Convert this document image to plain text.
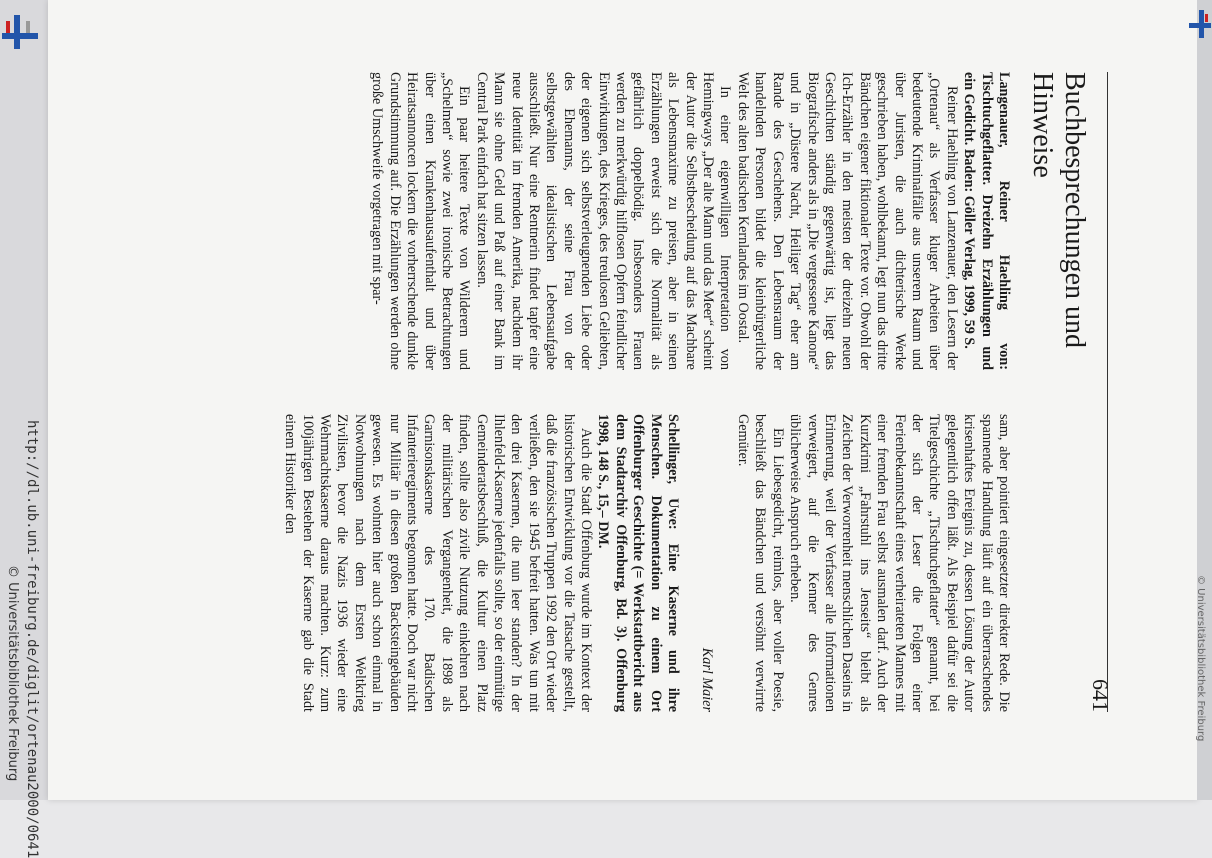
http://dl.ub.uni-freiburg.de/diglit/ortenau2000/0641
© Universitätsbibliothek Freiburg	© Universitätsbibliothek Freiburg
641
Buchbesprechungen und
Hinweise

Langenauer, Reiner Haehling von: Tischtuchgeflatter. Dreizehn Erzählungen und ein Gedicht. Baden: Göller Verlag, 1999, 59 S.

Reiner Haehling von Lanzenauer, den Lesern der „Ortenau“ als Verfasser kluger Arbeiten über bedeutende Kriminalfälle aus unserem Raum und über Juristen, die auch dichterische Werke geschrieben haben, wohlbekannt, legt nun das dritte Bändchen eigener fiktionaler Texte vor. Obwohl der Ich-Erzähler in den meisten der dreizehn neuen Geschichten ständig gegenwärtig ist, liegt das Biografische anders als in „Die vergessene Kanone“ und in „Düstere Nacht, Heiliger Tag“ eher am Rande des Geschehens. Den Lebensraum der handelnden Personen bildet die kleinbürgerliche Welt des alten badischen Kernlandes im Oostal.

In einer eigenwilligen Interpretation von Hemingways „Der alte Mann und das Meer“ scheint der Autor die Selbstbescheidung auf das Machbare als Lebensmaxime zu preisen, aber in seinen Erzählungen erweist sich die Normalität als gefährlich doppelbödig. Insbesonders Frauen werden zu merkwürdig hilflosen Opfern feindlicher Einwirkungen, des Krieges, des treulosen Geliebten, der eigenen sich selbstverleugnenden Liebe oder des Ehemanns, der seine Frau von der selbstgewählten idealistischen Lebensaufgabe ausschließt. Nur eine Rentnerin findet tapfer eine neue Identität im fremden Amerika, nachdem ihr Mann sie ohne Geld und Paß auf einer Bank im Central Park einfach hat sitzen lassen.

Ein paar heitere Texte von Wilderern und „Schelmen“ sowie zwei ironische Betrachtungen über einen Krankenhausaufenthalt und über Heiratsannoncen lockern die vorherrschende dunkle Grundstimmung auf. Die Erzählungen werden ohne große Umschweife vorgetragen mit spar-

sam, aber pointiert eingesetzter direkter Rede. Die spannende Handlung läuft auf ein überraschendes krisenhaftes Ereignis zu, dessen Lösung der Autor gelegentlich offen läßt. Als Beispiel dafür sei die Titelgeschichte „Tischtuchgeflatter“ genannt, bei der sich der Leser die Folgen einer Ferienbekanntschaft eines verheirateten Mannes mit einer fremden Frau selbst ausmalen darf. Auch der Kurzkrimi „Fahrstuhl ins Jenseits“ bleibt als Zeichen der Verworrenheit menschlichen Daseins in Erinnerung, weil der Verfasser alle Informationen verweigert, auf die Kenner des Genres üblicherweise Anspruch erheben.

Ein Liebesgedicht, reimlos, aber voller Poesie, beschließt das Bändchen und versöhnt verwirrte Gemüter.

Karl Maier

Schellinger, Uwe: Eine Kaserne und ihre Menschen. Dokumentation zu einem Ort Offenburger Geschichte (= Werkstattbericht aus dem Stadtarchiv Offenburg, Bd. 3). Offenburg 1998, 148 S., 15,– DM.

Auch die Stadt Offenburg wurde im Kontext der historischen Entwicklung vor die Tatsache gestellt, daß die französischen Truppen 1992 den Ort wieder verließen, den sie 1945 befreit hatten. Was tun mit den drei Kasernen, die nun leer standen? In der Ihlenfeld-Kaserne jedenfalls sollte, so der einmütige Gemeinderatsbeschluß, die Kultur einen Platz finden, sollte also zivile Nutzung einkehren nach der militärischen Vergangenheit, die 1898 als Garnisonskaserne des 170. Badischen Infanterieregiments begonnen hatte. Doch war nicht nur Militär in diesen großen Backsteingebäuden gewesen. Es wohnten hier auch schon einmal in Notwohnungen nach dem Ersten Weltkrieg Zivilisten, bevor die Nazis 1936 wieder eine Wehrmachtskaserne daraus machten. Kurz: zum 100jährigen Bestehen der Kaserne gab die Stadt einem Historiker den
